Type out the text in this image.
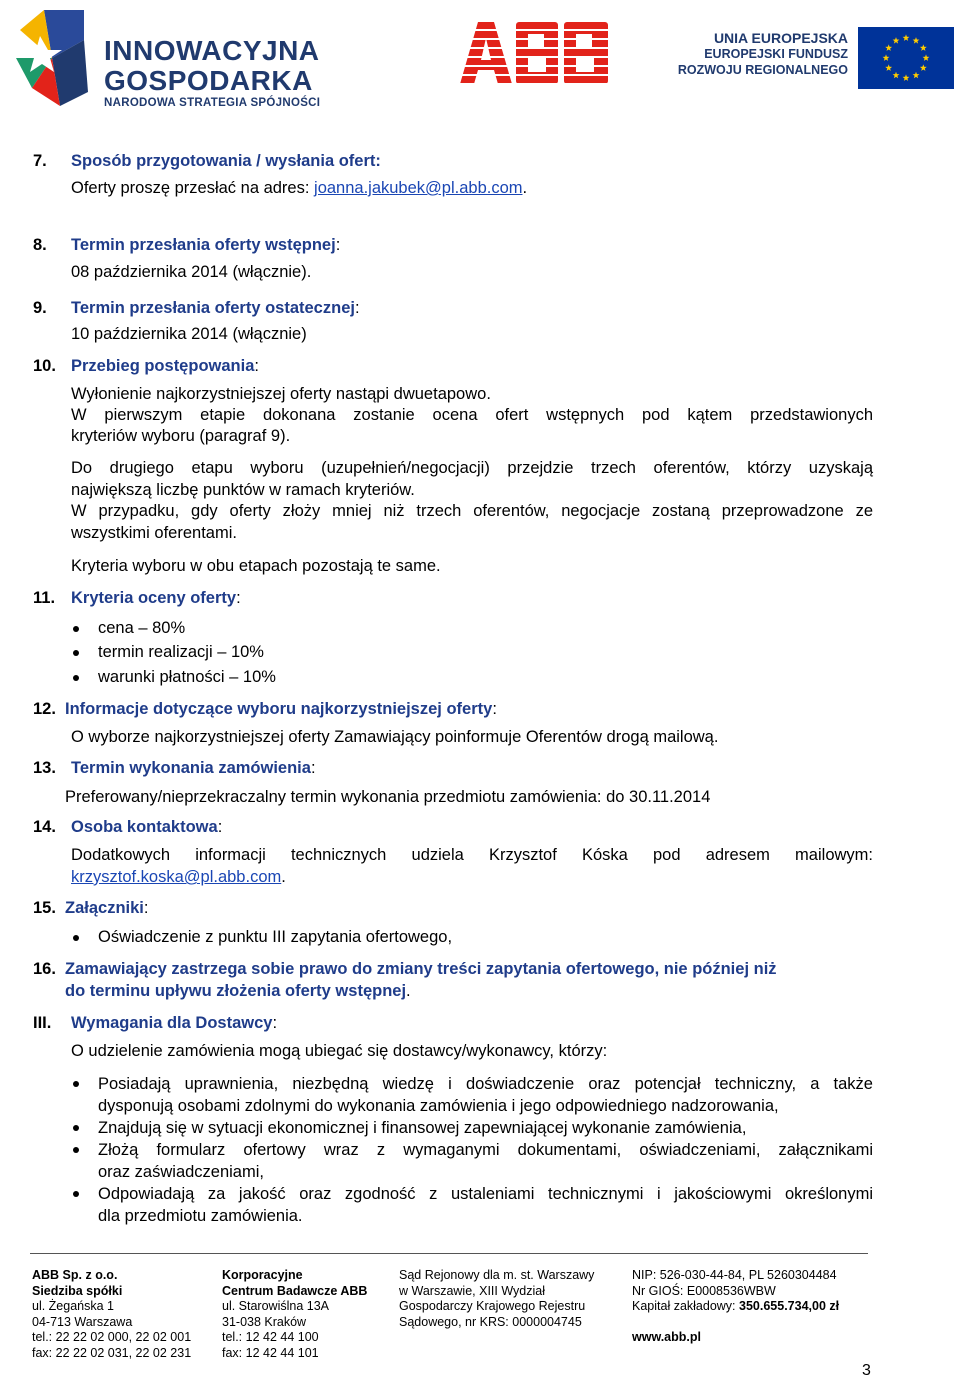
INNOWACYJNA
GOSPODARKA
NARODOWA STRATEGIA SPÓJNOŚCI
UNIA EUROPEJSKA
EUROPEJSKI FUNDUSZ
ROZWOJU REGIONALNEGO
7. Sposób przygotowania / wysłania ofert:
Oferty proszę przesłać na adres: joanna.jakubek@pl.abb.com.
8. Termin przesłania oferty wstępnej:
08 października 2014 (włącznie).
9. Termin przesłania oferty ostatecznej:
10 października 2014 (włącznie)
10. Przebieg postępowania:
Wyłonienie najkorzystniejszej oferty nastąpi dwuetapowo.
W pierwszym etapie dokonana zostanie ocena ofert wstępnych pod kątem przedstawionych
kryteriów wyboru (paragraf 9).
Do drugiego etapu wyboru (uzupełnień/negocjacji) przejdzie trzech oferentów, którzy uzyskają
największą liczbę punktów w ramach kryteriów.
W przypadku, gdy oferty złoży mniej niż trzech oferentów, negocjacje zostaną przeprowadzone ze
wszystkimi oferentami.
Kryteria wyboru w obu etapach pozostają te same.
11. Kryteria oceny oferty:
cena – 80%
termin realizacji – 10%
warunki płatności – 10%
12. Informacje dotyczące wyboru najkorzystniejszej oferty:
O wyborze najkorzystniejszej oferty Zamawiający poinformuje Oferentów drogą mailową.
13. Termin wykonania zamówienia:
Preferowany/nieprzekraczalny termin wykonania przedmiotu zamówienia: do 30.11.2014
14. Osoba kontaktowa:
Dodatkowych informacji technicznych udziela Krzysztof Kóska pod adresem mailowym:
krzysztof.koska@pl.abb.com.
15. Załączniki:
Oświadczenie z punktu III zapytania ofertowego,
16. Zamawiający zastrzega sobie prawo do zmiany treści zapytania ofertowego, nie później niż
do terminu upływu złożenia oferty wstępnej.
III. Wymagania dla Dostawcy:
O udzielenie zamówienia mogą ubiegać się dostawcy/wykonawcy, którzy:
Posiadają uprawnienia, niezbędną wiedzę i doświadczenie oraz potencjał techniczny, a także
dysponują osobami zdolnymi do wykonania zamówienia i jego odpowiedniego nadzorowania,
Znajdują się w sytuacji ekonomicznej i finansowej zapewniającej wykonanie zamówienia,
Złożą formularz ofertowy wraz z wymaganymi dokumentami, oświadczeniami, załącznikami
oraz zaświadczeniami,
Odpowiadają za jakość oraz zgodność z ustaleniami technicznymi i jakościowymi określonymi
dla przedmiotu zamówienia.
ABB Sp. z o.o.
Siedziba spółki
ul. Żegańska 1
04-713 Warszawa
tel.: 22 22 02 000, 22 02 001
fax: 22 22 02 031, 22 02 231
Korporacyjne
Centrum Badawcze ABB
ul. Starowiślna 13A
31-038 Kraków
tel.: 12 42 44 100
fax: 12 42 44 101
Sąd Rejonowy dla m. st. Warszawy
w Warszawie, XIII Wydział
Gospodarczy Krajowego Rejestru
Sądowego, nr KRS: 0000004745
NIP: 526-030-44-84, PL 5260304484
Nr GIOŚ: E0008536WBW
Kapitał zakładowy: 350.655.734,00 zł

www.abb.pl
3
